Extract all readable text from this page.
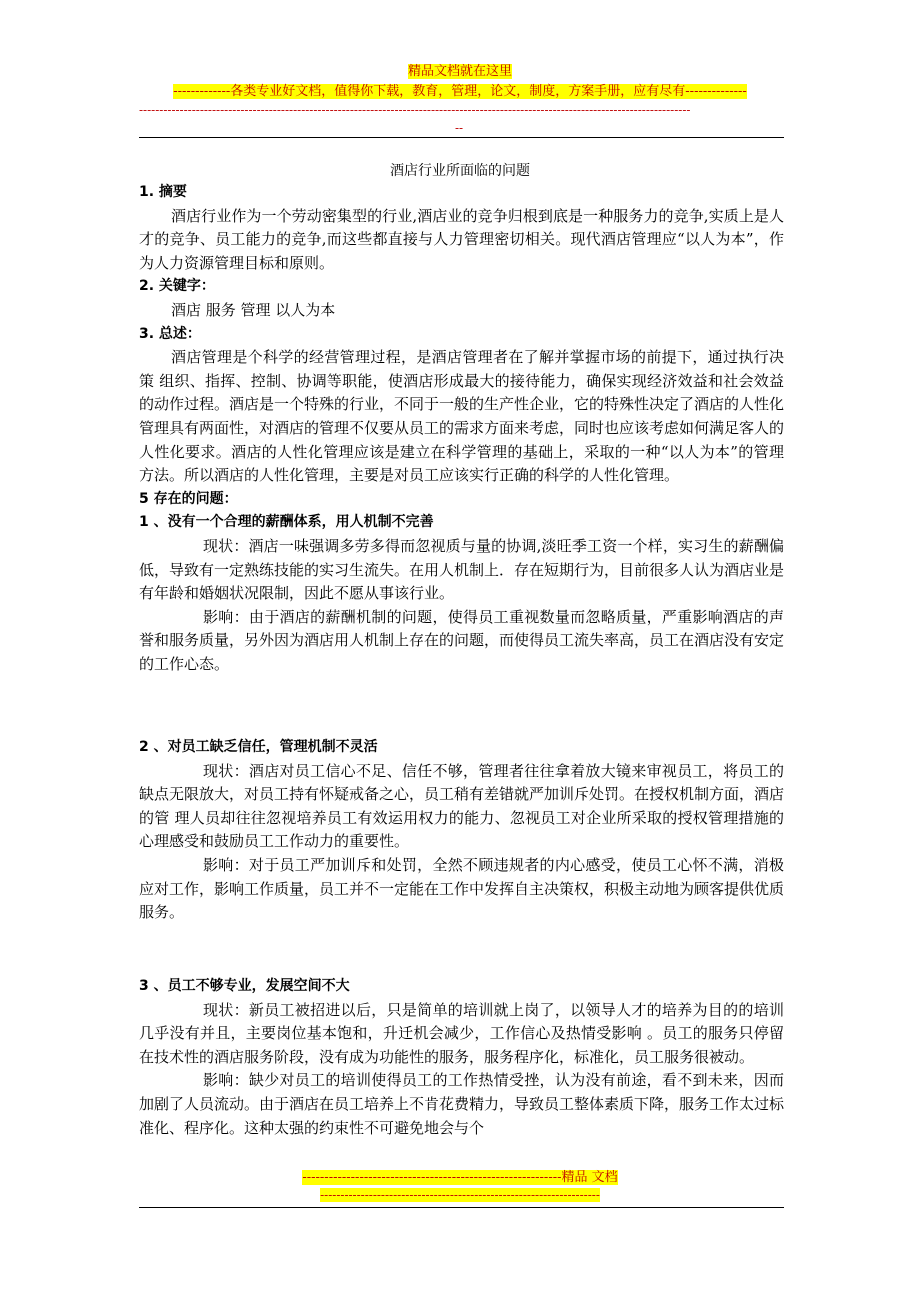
精品文档就在这里
-------------各类专业好文档，值得你下载，教育，管理，论文，制度，方案手册，应有尽有--------------
----------------------------------------------------------------------------------------------------------------------------------------
--
酒店行业所面临的问题

1. 摘要

酒店行业作为一个劳动密集型的行业,酒店业的竞争归根到底是一种服务力的竞争,实质上是人才的竞争、员工能力的竞争,而这些都直接与人力管理密切相关。现代酒店管理应“以人为本”，作为人力资源管理目标和原则。

2. 关键字：

酒店 服务 管理 以人为本

3. 总述：

酒店管理是个科学的经营管理过程，是酒店管理者在了解并掌握市场的前提下，通过执行决策 组织、指挥、控制、协调等职能，使酒店形成最大的接待能力，确保实现经济效益和社会效益的动作过程。酒店是一个特殊的行业，不同于一般的生产性企业，它的特殊性决定了酒店的人性化管理具有两面性，对酒店的管理不仅要从员工的需求方面来考虑，同时也应该考虑如何满足客人的人性化要求。酒店的人性化管理应该是建立在科学管理的基础上，采取的一种“以人为本”的管理方法。所以酒店的人性化管理，主要是对员工应该实行正确的科学的人性化管理。

5 存在的问题：

1 、没有一个合理的薪酬体系，用人机制不完善

现状：酒店一味强调多劳多得而忽视质与量的协调,淡旺季工资一个样，实习生的薪酬偏低，导致有一定熟练技能的实习生流失。在用人机制上．存在短期行为，目前很多人认为酒店业是有年龄和婚姻状况限制，因此不愿从事该行业。

影响：由于酒店的薪酬机制的问题，使得员工重视数量而忽略质量，严重影响酒店的声誉和服务质量，另外因为酒店用人机制上存在的问题，而使得员工流失率高，员工在酒店没有安定的工作心态。

2 、对员工缺乏信任，管理机制不灵活

现状：酒店对员工信心不足、信任不够，管理者往往拿着放大镜来审视员工，将员工的缺点无限放大，对员工持有怀疑戒备之心，员工稍有差错就严加训斥处罚。在授权机制方面，酒店的管 理人员却往往忽视培养员工有效运用权力的能力、忽视员工对企业所采取的授权管理措施的心理感受和鼓励员工工作动力的重要性。

影响：对于员工严加训斥和处罚，全然不顾违规者的内心感受，使员工心怀不满，消极应对工作，影响工作质量，员工并不一定能在工作中发挥自主决策权，积极主动地为顾客提供优质服务。

3 、员工不够专业，发展空间不大

现状：新员工被招进以后，只是简单的培训就上岗了，以领导人才的培养为目的的培训几乎没有并且，主要岗位基本饱和，升迁机会减少，工作信心及热情受影响 。员工的服务只停留在技术性的酒店服务阶段，没有成为功能性的服务，服务程序化，标准化，员工服务很被动。

影响：缺少对员工的培训使得员工的工作热情受挫，认为没有前途，看不到未来，因而加剧了人员流动。由于酒店在员工培养上不肯花费精力，导致员工整体素质下降，服务工作太过标准化、程序化。这种太强的约束性不可避免地会与个

-----------------------------------------------------------精品 文档
---------------------------------------------------------------------
